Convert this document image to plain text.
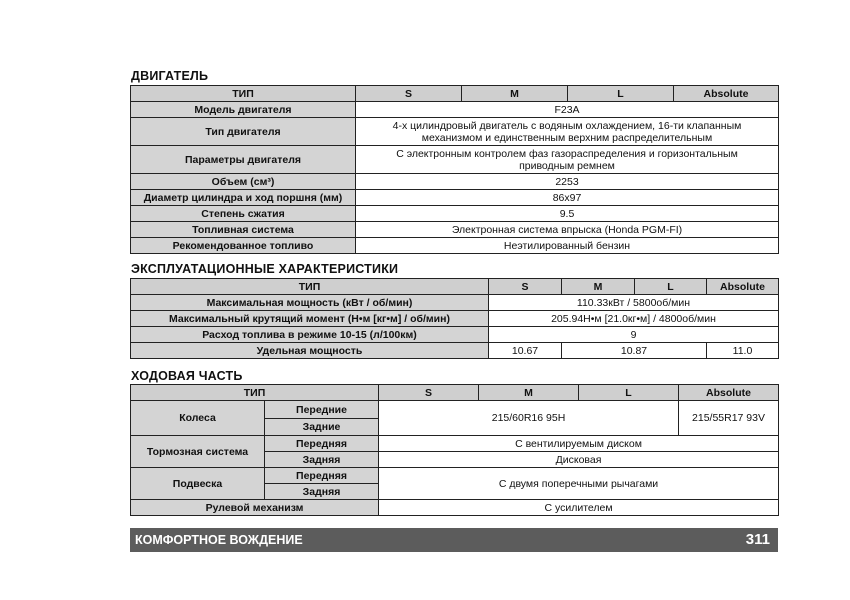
ДВИГАТЕЛЬ
ТИП	S	M	L	Absolute
Модель двигателя	F23A			
Тип двигателя	4-х цилиндровый двигатель с водяным охлаждением, 16-ти клапанным механизмом и единственным верхним распределительным			
Параметры двигателя	С электронным контролем фаз газораспределения и горизонтальным приводным ремнем			
Объем (см³)	2253			
Диаметр цилиндра и ход поршня (мм)	86х97			
Степень сжатия	9.5			
Топливная система	Электронная система впрыска (Honda PGM-FI)			
Рекомендованное топливо	Неэтилированный бензин			
ЭКСПЛУАТАЦИОННЫЕ ХАРАКТЕРИСТИКИ
ТИП	S	M	L	Absolute
Максимальная мощность (кВт / об/мин)	110.33кВт / 5800об/мин			
Максимальный крутящий момент (Н•м [кг•м] / об/мин)	205.94Н•м [21.0кг•м] / 4800об/мин			
Расход топлива в режиме 10-15 (л/100км)	9			
Удельная мощность	10.67	10.87		11.0
ХОДОВАЯ ЧАСТЬ
ТИП		S	M	L	Absolute
Колеса	Передние	215/60R16 95H			215/55R17 93V
	Задние				
Тормозная система	Передняя	С вентилируемым диском			
	Задняя	Дисковая			
Подвеска	Передняя	С двумя поперечными рычагами			
	Задняя				
Рулевой механизм		С усилителем			
КОМФОРТНОЕ ВОЖДЕНИЕ	311
